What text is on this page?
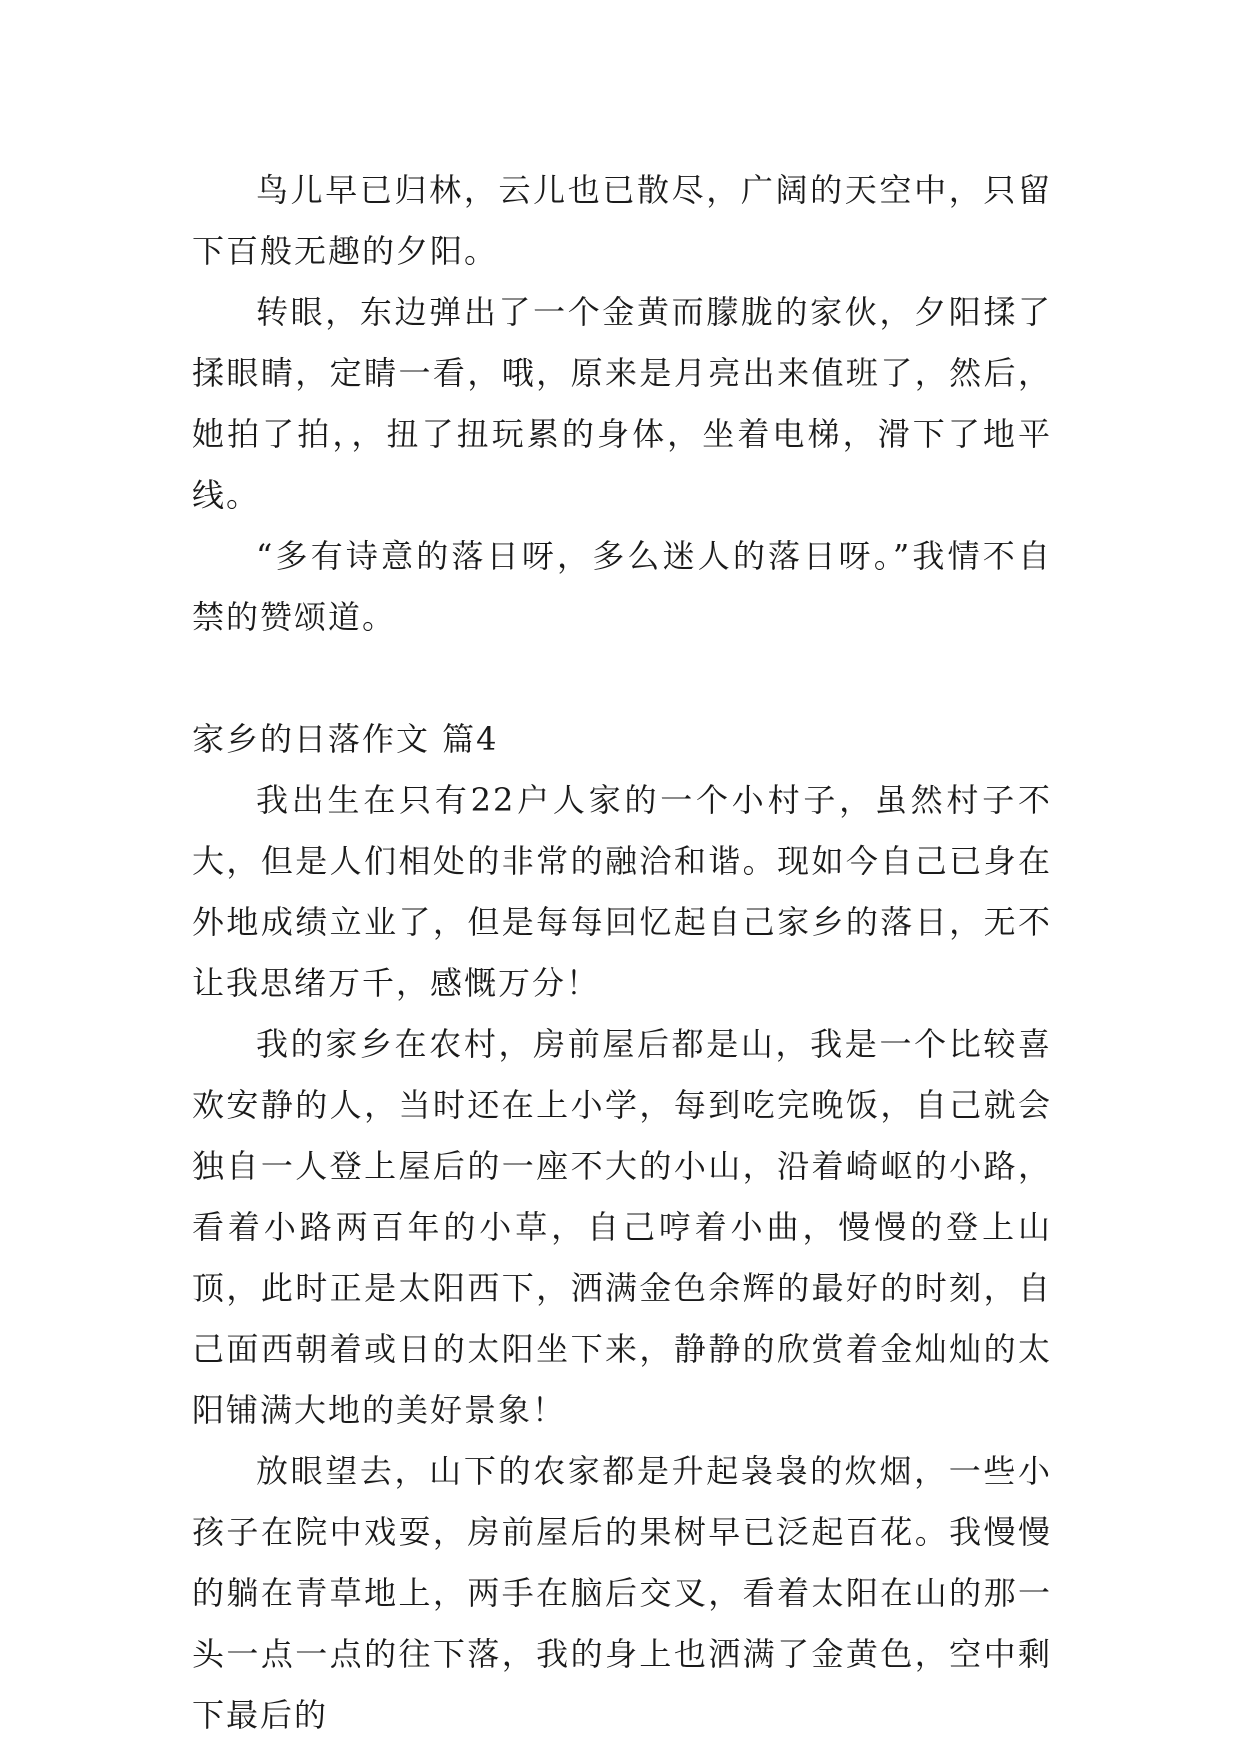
鸟儿早已归林，云儿也已散尽，广阔的天空中，只留下百般无趣的夕阳。

转眼，东边弹出了一个金黄而朦胧的家伙，夕阳揉了揉眼睛，定睛一看，哦，原来是月亮出来值班了，然后，她拍了拍，，扭了扭玩累的身体，坐着电梯，滑下了地平线。

“多有诗意的落日呀，多么迷人的落日呀。”我情不自禁的赞颂道。

家乡的日落作文 篇4

我出生在只有22户人家的一个小村子，虽然村子不大，但是人们相处的非常的融洽和谐。现如今自己已身在外地成绩立业了，但是每每回忆起自己家乡的落日，无不让我思绪万千，感慨万分！

我的家乡在农村，房前屋后都是山，我是一个比较喜欢安静的人，当时还在上小学，每到吃完晚饭，自己就会独自一人登上屋后的一座不大的小山，沿着崎岖的小路，看着小路两百年的小草，自己哼着小曲，慢慢的登上山顶，此时正是太阳西下，洒满金色余辉的最好的时刻，自己面西朝着或日的太阳坐下来，静静的欣赏着金灿灿的太阳铺满大地的美好景象！

放眼望去，山下的农家都是升起袅袅的炊烟，一些小孩子在院中戏耍，房前屋后的果树早已泛起百花。我慢慢的躺在青草地上，两手在脑后交叉，看着太阳在山的那一头一点一点的往下落，我的身上也洒满了金黄色，空中剩下最后的
